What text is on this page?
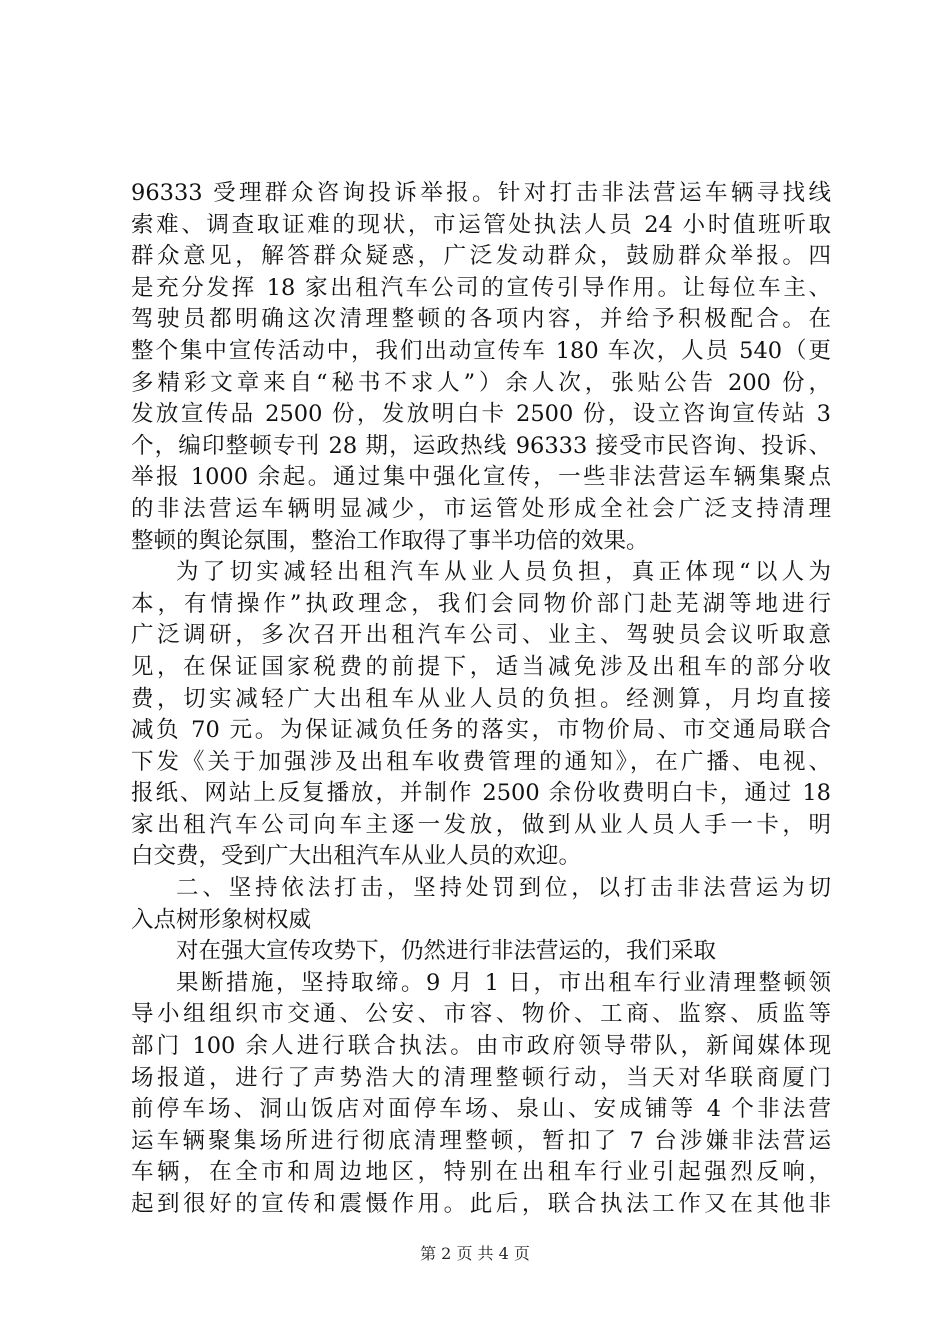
96333 受理群众咨询投诉举报。针对打击非法营运车辆寻找线
索难、调查取证难的现状，市运管处执法人员 24 小时值班听取
群众意见，解答群众疑惑，广泛发动群众，鼓励群众举报。四
是充分发挥 18 家出租汽车公司的宣传引导作用。让每位车主、
驾驶员都明确这次清理整顿的各项内容，并给予积极配合。在
整个集中宣传活动中，我们出动宣传车 180 车次，人员 540（更
多精彩文章来自“秘书不求人”）余人次，张贴公告 200 份，
发放宣传品 2500 份，发放明白卡 2500 份，设立咨询宣传站 3
个，编印整顿专刊 28 期，运政热线 96333 接受市民咨询、投诉、
举报 1000 余起。通过集中强化宣传，一些非法营运车辆集聚点
的非法营运车辆明显减少，市运管处形成全社会广泛支持清理
整顿的舆论氛围，整治工作取得了事半功倍的效果。
为了切实减轻出租汽车从业人员负担，真正体现“以人为
本，有情操作”执政理念，我们会同物价部门赴芜湖等地进行
广泛调研，多次召开出租汽车公司、业主、驾驶员会议听取意
见，在保证国家税费的前提下，适当减免涉及出租车的部分收
费，切实减轻广大出租车从业人员的负担。经测算，月均直接
减负 70 元。为保证减负任务的落实，市物价局、市交通局联合
下发《关于加强涉及出租车收费管理的通知》，在广播、电视、
报纸、网站上反复播放，并制作 2500 余份收费明白卡，通过 18
家出租汽车公司向车主逐一发放，做到从业人员人手一卡，明
白交费，受到广大出租汽车从业人员的欢迎。
二、坚持依法打击，坚持处罚到位，以打击非法营运为切
入点树形象树权威
对在强大宣传攻势下，仍然进行非法营运的，我们采取
果断措施，坚持取缔。9 月 1 日，市出租车行业清理整顿领
导小组组织市交通、公安、市容、物价、工商、监察、质监等
部门 100 余人进行联合执法。由市政府领导带队，新闻媒体现
场报道，进行了声势浩大的清理整顿行动，当天对华联商厦门
前停车场、洞山饭店对面停车场、泉山、安成铺等 4 个非法营
运车辆聚集场所进行彻底清理整顿，暂扣了 7 台涉嫌非法营运
车辆，在全市和周边地区，特别在出租车行业引起强烈反响，
起到很好的宣传和震慑作用。此后，联合执法工作又在其他非
第 2 页 共 4 页
